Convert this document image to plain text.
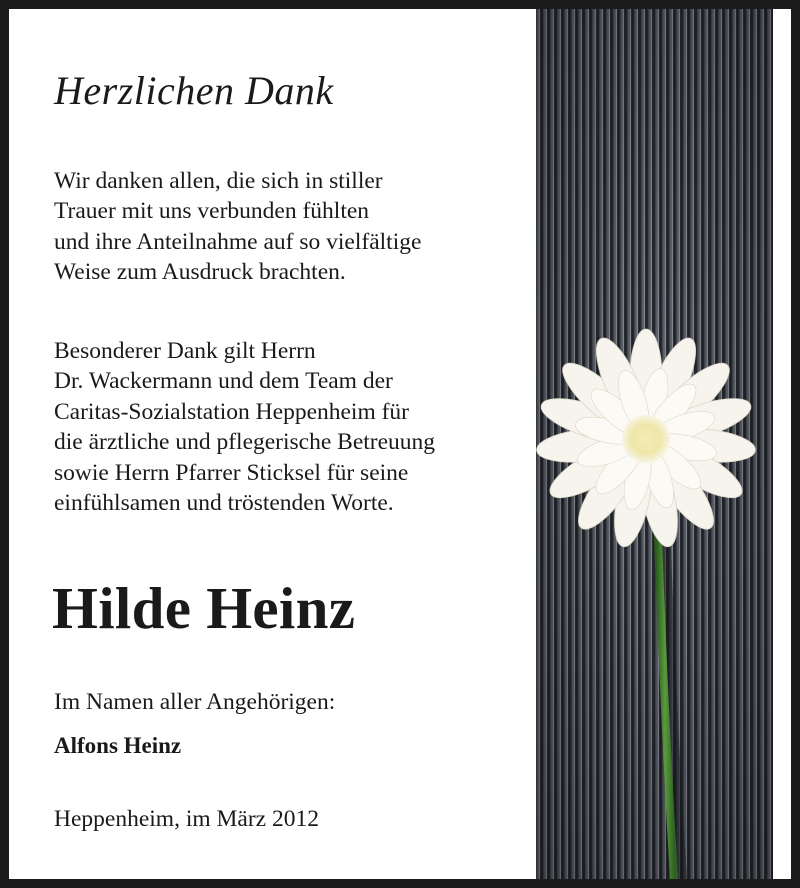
Herzlichen Dank
Wir danken allen, die sich in stiller
Trauer mit uns verbunden fühlten
und ihre Anteilnahme auf so vielfältige
Weise zum Ausdruck brachten.
Besonderer Dank gilt Herrn
Dr. Wackermann und dem Team der
Caritas-Sozialstation Heppenheim für
die ärztliche und pflegerische Betreuung
sowie Herrn Pfarrer Sticksel für seine
einfühlsamen und tröstenden Worte.
Hilde Heinz
Im Namen aller Angehörigen:
Alfons Heinz
Heppenheim, im März 2012
